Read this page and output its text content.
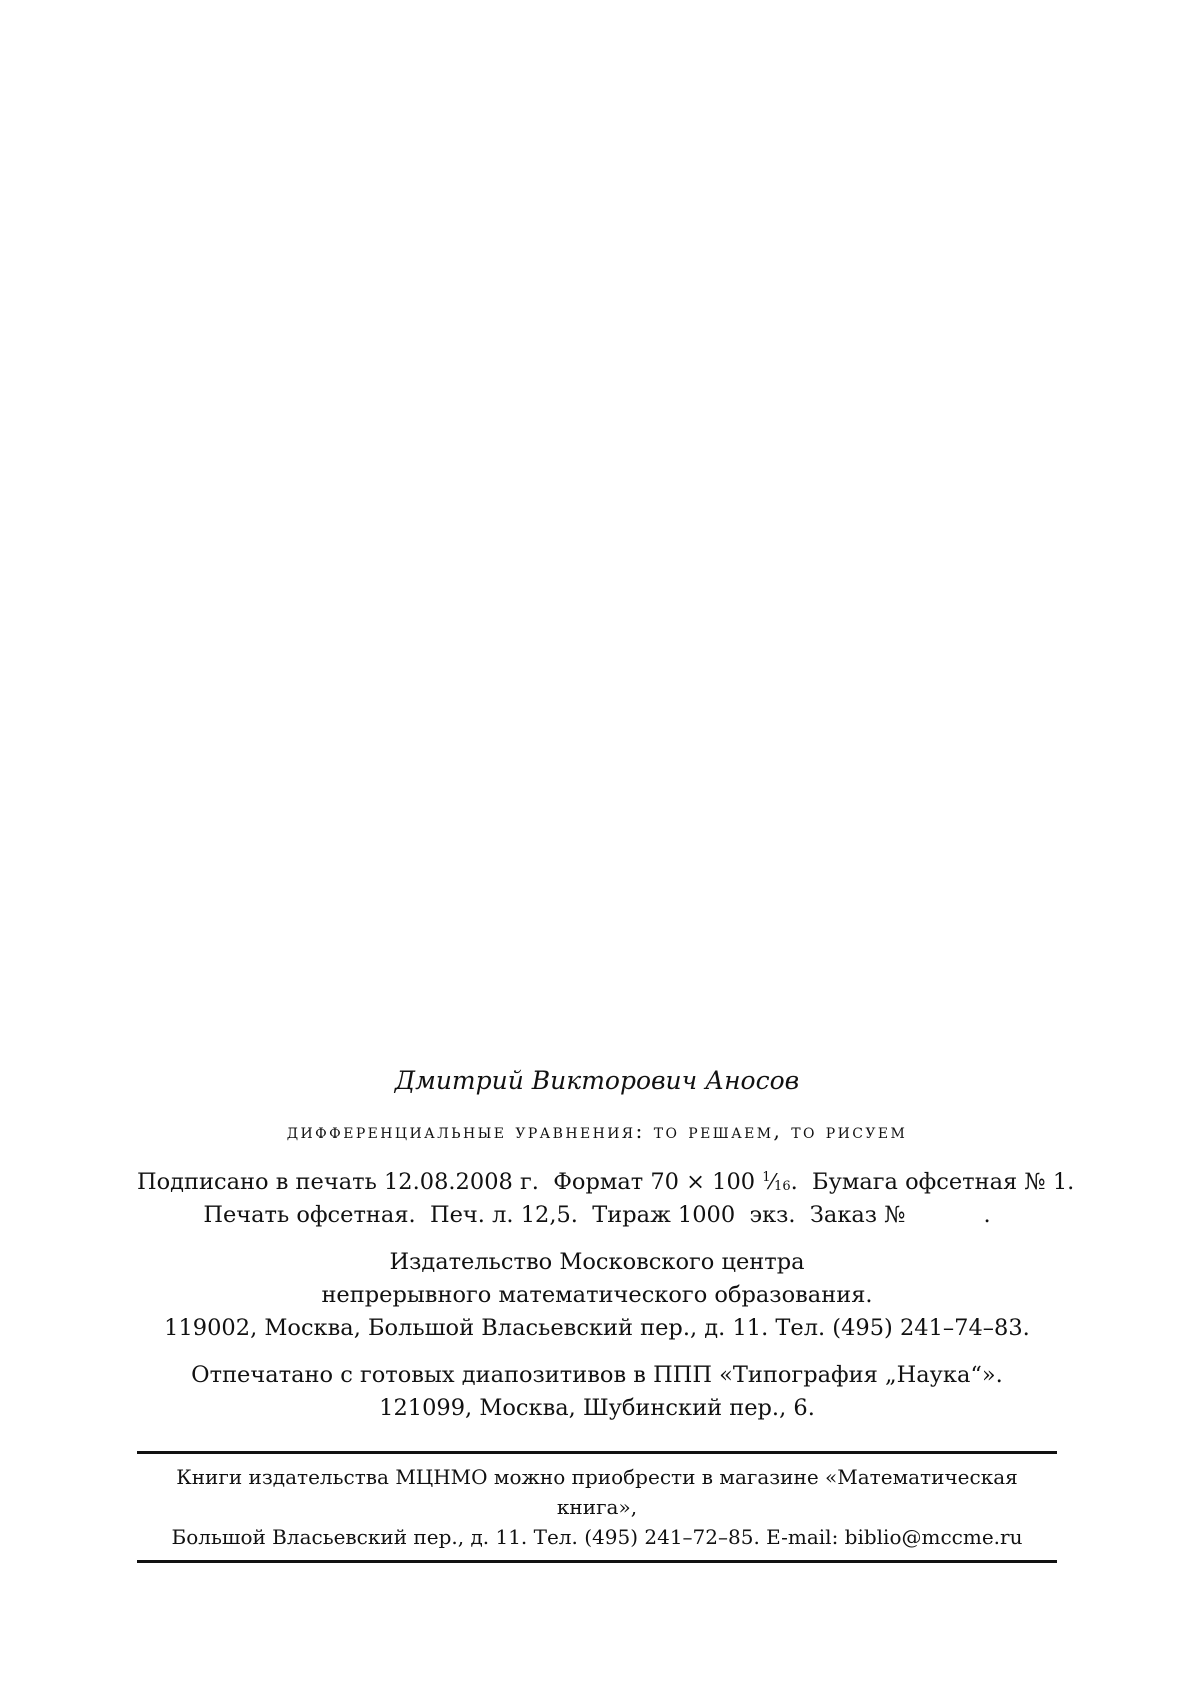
Дмитрий Викторович Аносов

дифференциальные уравнения: то решаем, то рисуем

Подписано в печать 12.08.2008 г.  Формат 70 × 100 $^1⁄_{16}$.  Бумага офсетная № 1.
Печать офсетная.  Печ. л. 12,5.  Тираж 1000  экз.  Заказ №	.
Издательство Московского центра
непрерывного математического образования.
119002, Москва, Большой Власьевский пер., д. 11. Тел. (495) 241–74–83.
Отпечатано с готовых диапозитивов в ППП «Типография „Наука“».
121099, Москва, Шубинский пер., 6.
Книги издательства МЦНМО можно приобрести в магазине «Математическая книга»,
Большой Власьевский пер., д. 11. Тел. (495) 241–72–85. E-mail: biblio@mccme.ru
